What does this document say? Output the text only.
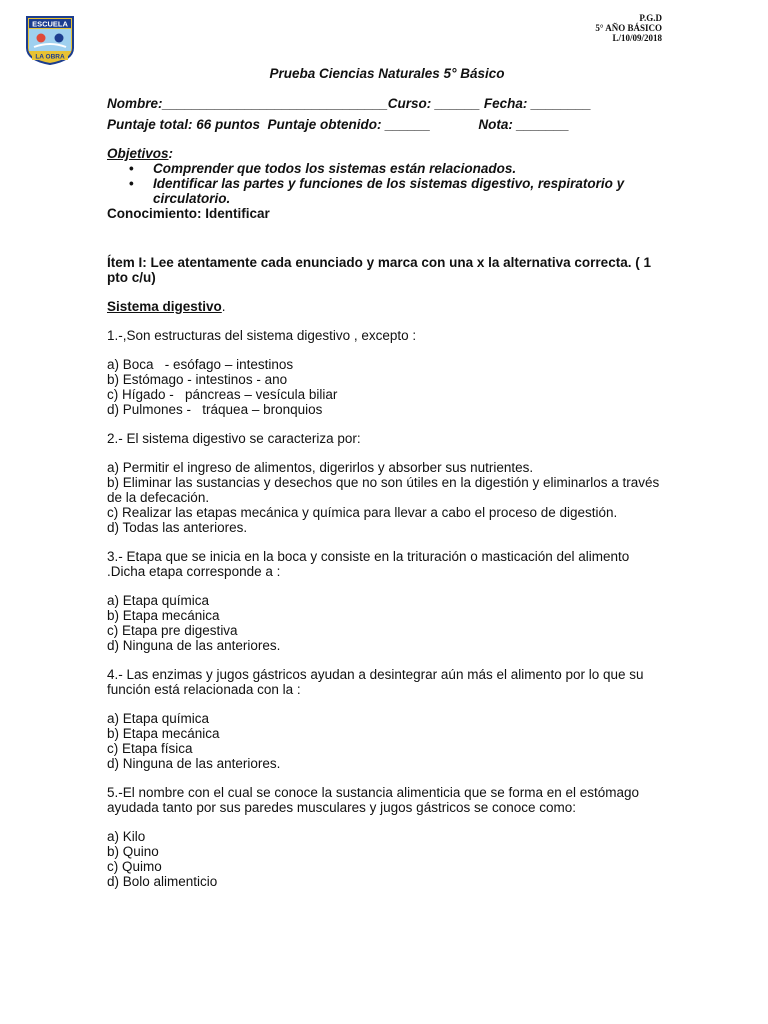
ESCUELA
LA OBRA
P.G.D
5° AÑO BÁSICO
L/10/09/2018
Prueba Ciencias Naturales 5° Básico
Nombre:______________________________ Curso: ______
Fecha: ________
Puntaje total: 66 puntos
Puntaje obtenido: ______	Nota: _______
Objetivos:
• Comprender que todos los sistemas están relacionados.
• Identificar las partes y funciones de los sistemas digestivo, respiratorio y circulatorio.

Conocimiento: Identificar

Ítem I: Lee atentamente cada enunciado y marca con una x la alternativa correcta. ( 1 pto c/u)

Sistema digestivo.

1.-,Son estructuras del sistema digestivo , excepto :

a) Boca   - esófago – intestinos
b) Estómago - intestinos - ano
c) Hígado -   páncreas – vesícula biliar
d) Pulmones -   tráquea – bronquios

2.- El sistema digestivo se caracteriza por:

a) Permitir el ingreso de alimentos, digerirlos y absorber sus nutrientes.
b) Eliminar las sustancias y desechos que no son útiles en la digestión y eliminarlos a través de la defecación.
c) Realizar las etapas mecánica y química para llevar a cabo el proceso de digestión.
d) Todas las anteriores.

3.- Etapa que se inicia en la boca y consiste en la trituración o masticación del alimento .Dicha etapa corresponde a :

a) Etapa química
b) Etapa mecánica
c) Etapa pre digestiva
d) Ninguna de las anteriores.

4.- Las enzimas y jugos gástricos ayudan a desintegrar aún más el alimento por lo que su función está relacionada con la :

a) Etapa química
b) Etapa mecánica
c) Etapa física
d) Ninguna de las anteriores.

5.-El nombre con el cual se conoce la sustancia alimenticia que se forma en el estómago ayudada tanto por sus paredes musculares y jugos gástricos se conoce como:

a) Kilo
b) Quino
c) Quimo
d) Bolo alimenticio
